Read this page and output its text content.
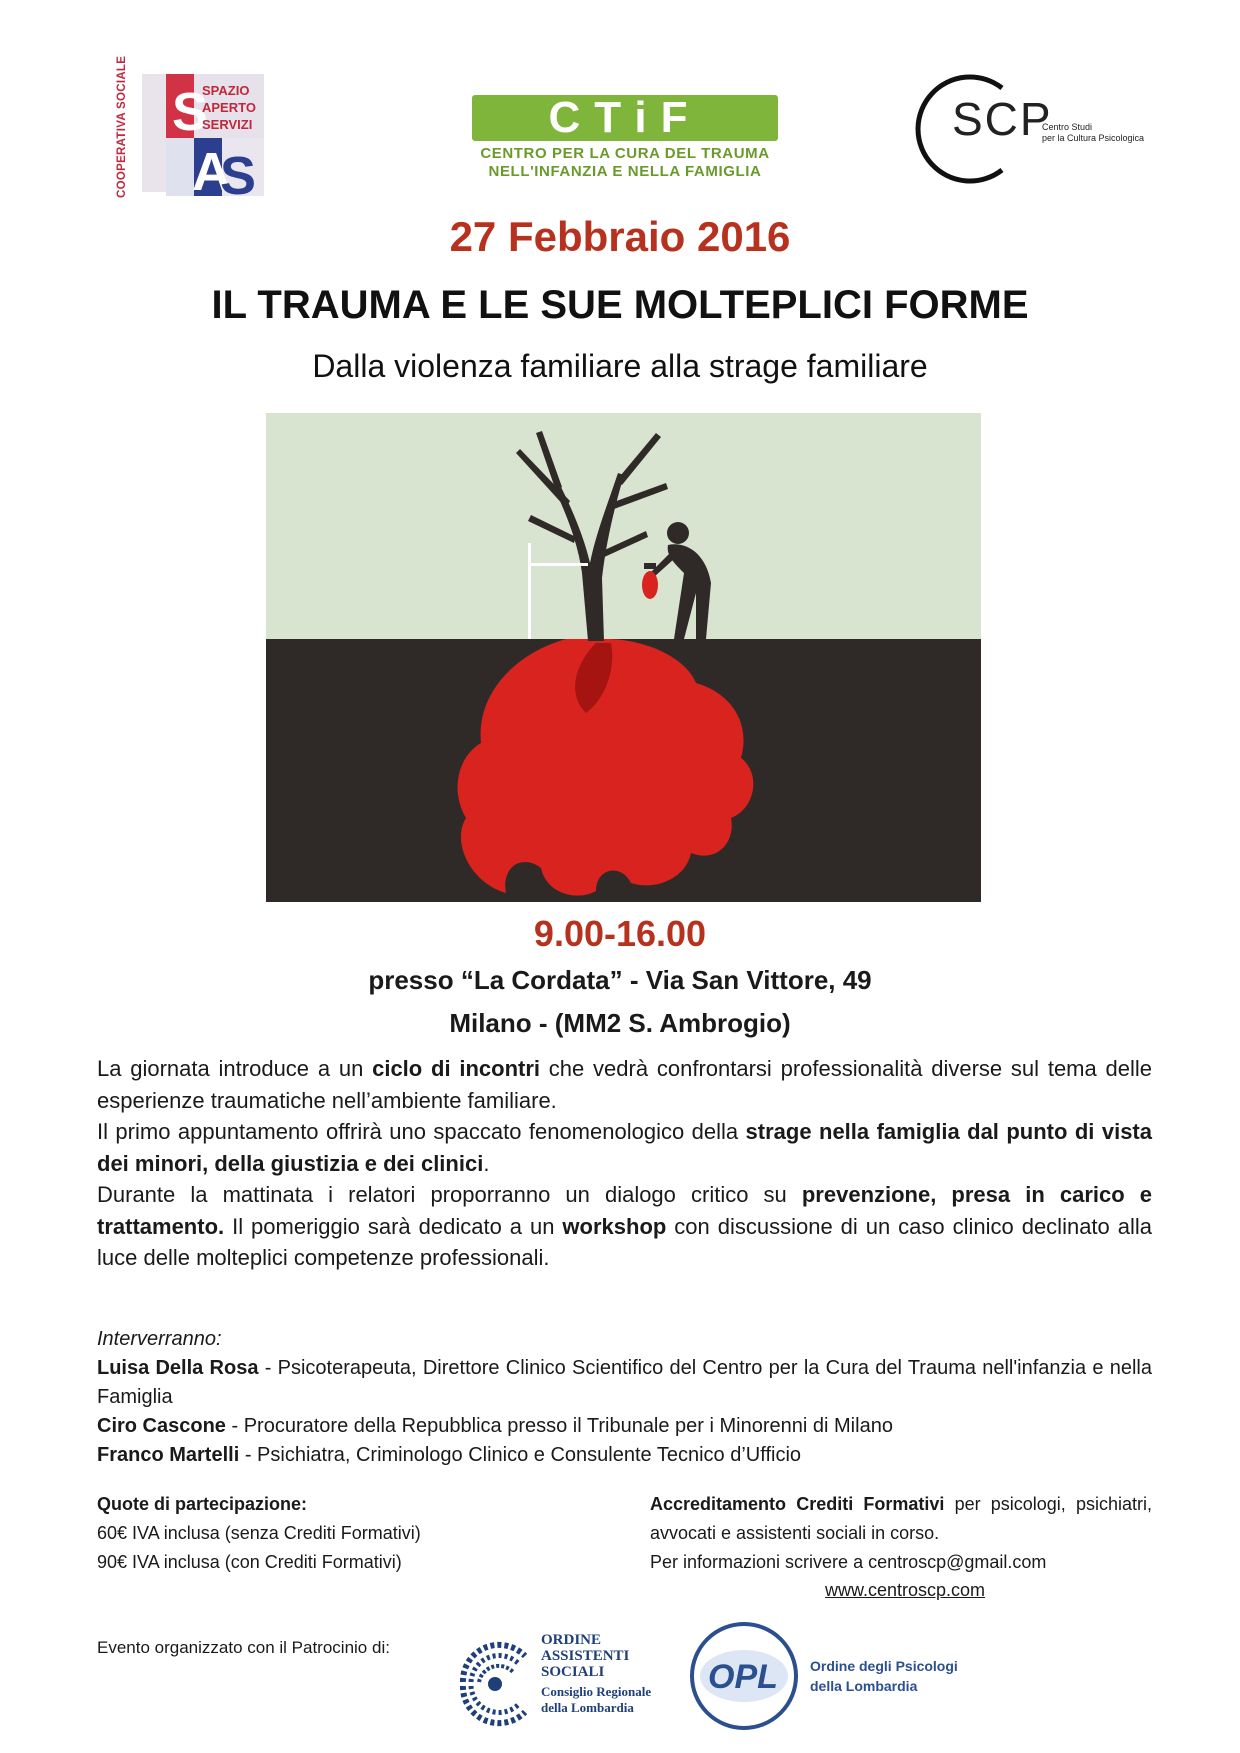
S
A
S
COOPERATIVA SOCIALE	SPAZIO
APERTO
SERVIZI	CTiF
CENTRO PER LA CURA DEL TRAUMA
NELL'INFANZIA E NELLA FAMIGLIA
SCP
Centro Studi
per la Cultura Psicologica
27 Febbraio 2016
IL TRAUMA E LE SUE MOLTEPLICI FORME
Dalla violenza familiare alla strage familiare
9.00-16.00
presso “La Cordata” - Via San Vittore, 49
Milano - (MM2 S. Ambrogio)
La giornata introduce a un ciclo di incontri che vedrà confrontarsi professionalità diverse sul tema delle esperienze traumatiche nell’ambiente familiare.
Il primo appuntamento offrirà uno spaccato fenomenologico della strage nella famiglia dal punto di vista dei minori, della giustizia e dei clinici.
Durante la mattinata i relatori proporranno un dialogo critico su prevenzione, presa in carico e trattamento. Il pomeriggio sarà dedicato a un workshop con discussione di un caso clinico declinato alla luce delle molteplici competenze professionali.
Interverranno:
Luisa Della Rosa - Psicoterapeuta, Direttore Clinico Scientifico del Centro per la Cura del Trauma nell'infanzia e nella Famiglia
Ciro Cascone - Procuratore della Repubblica presso il Tribunale per i Minorenni di Milano
Franco Martelli - Psichiatra, Criminologo Clinico e Consulente Tecnico d’Ufficio
Quote di partecipazione:
60€ IVA inclusa (senza Crediti Formativi)
90€ IVA inclusa (con Crediti Formativi)
Accreditamento Crediti Formativi per psicologi, psichiatri, avvocati e assistenti sociali in corso.
Per informazioni scrivere a centroscp@gmail.com
www.centroscp.com
Evento organizzato con il Patrocinio di:	ORDINE
ASSISTENTI
SOCIALI
Consiglio Regionale
della Lombardia
OPL Ordine degli Psicologi
della Lombardia
